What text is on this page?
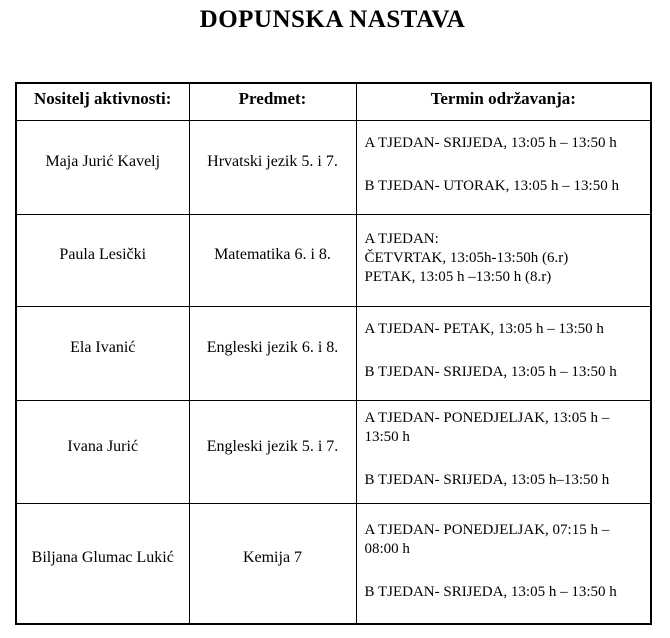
DOPUNSKA NASTAVA
Nositelj aktivnosti:	Predmet:	Termin održavanja:
Maja Jurić Kavelj	Hrvatski jezik 5. i 7.	A TJEDAN- SRIJEDA, 13:05 h – 13:50 h
B TJEDAN- UTORAK, 13:05 h – 13:50 h

Paula Lesički	Matematika 6. i 8.	A TJEDAN:
ČETVRTAK, 13:05h-13:50h (6.r)
PETAK, 13:05 h –13:50 h (8.r)

Ela Ivanić	Engleski jezik 6. i 8.	A TJEDAN- PETAK, 13:05 h – 13:50 h
B TJEDAN- SRIJEDA, 13:05 h – 13:50 h

Ivana Jurić	Engleski jezik 5. i 7.	A TJEDAN- PONEDJELJAK, 13:05 h – 13:50 h
B TJEDAN- SRIJEDA, 13:05 h–13:50 h

Biljana Glumac Lukić	Kemija 7	A TJEDAN- PONEDJELJAK, 07:15 h – 08:00 h
B TJEDAN- SRIJEDA, 13:05 h – 13:50 h
